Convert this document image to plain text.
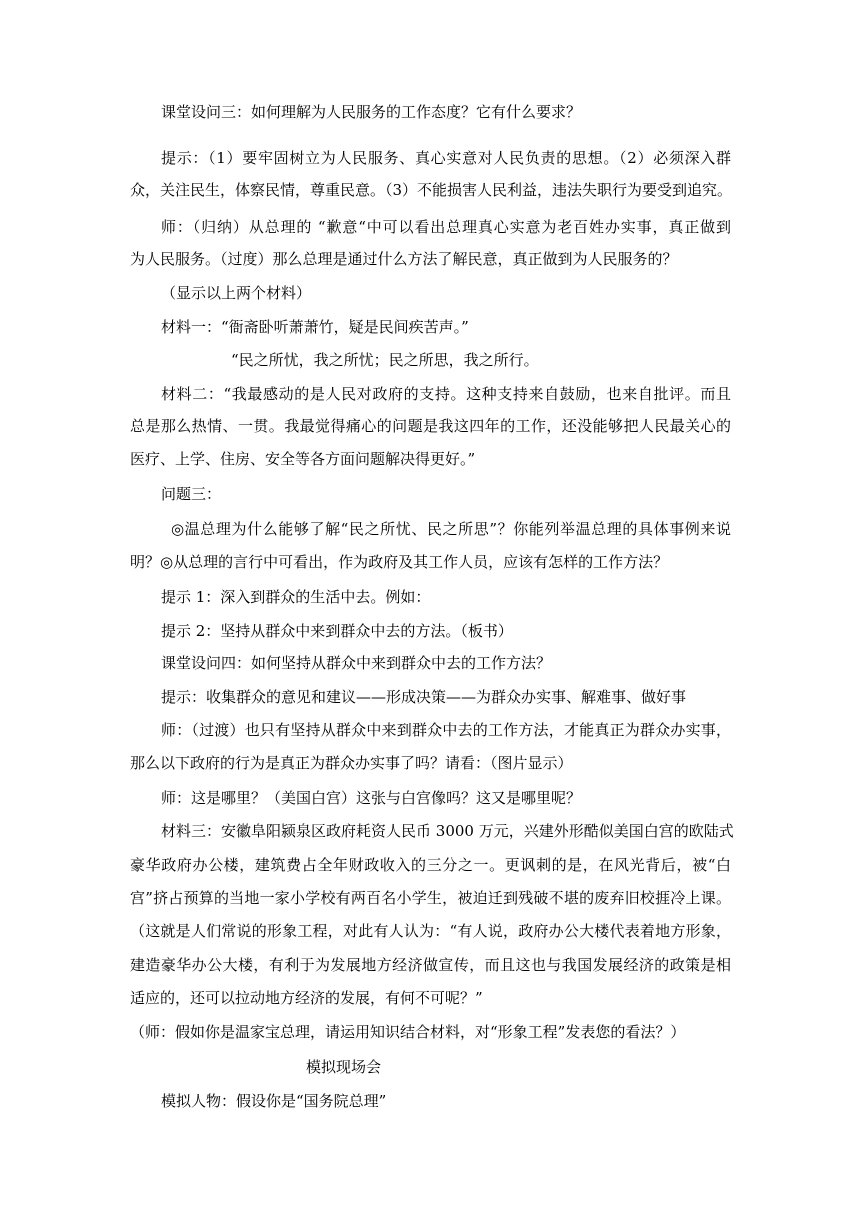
课堂设问三：如何理解为人民服务的工作态度？它有什么要求？
提示：（1）要牢固树立为人民服务、真心实意对人民负责的思想。（2）必须深入群
众，关注民生，体察民情，尊重民意。（3）不能损害人民利益，违法失职行为要受到追究。
师：（归纳）从总理的 “歉意“中可以看出总理真心实意为老百姓办实事，真正做到
为人民服务。（过度）那么总理是通过什么方法了解民意，真正做到为人民服务的？
（显示以上两个材料）
材料一：“衙斋卧听萧萧竹，疑是民间疾苦声。”
“民之所忧，我之所忧；民之所思，我之所行。
材料二：“我最感动的是人民对政府的支持。这种支持来自鼓励，也来自批评。而且
总是那么热情、一贯。我最觉得痛心的问题是我这四年的工作，还没能够把人民最关心的
医疗、上学、住房、安全等各方面问题解决得更好。”
问题三：
◎温总理为什么能够了解“民之所忧、民之所思”？你能列举温总理的具体事例来说
明？◎从总理的言行中可看出，作为政府及其工作人员，应该有怎样的工作方法？
提示 1：深入到群众的生活中去。例如：
提示 2：坚持从群众中来到群众中去的方法。（板书）
课堂设问四：如何坚持从群众中来到群众中去的工作方法？
提示：收集群众的意见和建议——形成决策——为群众办实事、解难事、做好事
师：（过渡）也只有坚持从群众中来到群众中去的工作方法，才能真正为群众办实事，
那么以下政府的行为是真正为群众办实事了吗？请看：（图片显示）
师：这是哪里？（美国白宫）这张与白宫像吗？这又是哪里呢？
材料三：安徽阜阳颍泉区政府耗资人民币 3000 万元，兴建外形酷似美国白宫的欧陆式
豪华政府办公楼，建筑费占全年财政收入的三分之一。更讽刺的是，在风光背后，被“白
宫”挤占预算的当地一家小学校有两百名小学生，被迫迁到残破不堪的废弃旧校捱冷上课。
（这就是人们常说的形象工程，对此有人认为：“有人说，政府办公大楼代表着地方形象，
建造豪华办公大楼，有利于为发展地方经济做宣传，而且这也与我国发展经济的政策是相
适应的，还可以拉动地方经济的发展，有何不可呢？”
（师：假如你是温家宝总理，请运用知识结合材料，对“形象工程”发表您的看法？）
模拟现场会
模拟人物：假设你是“国务院总理”
